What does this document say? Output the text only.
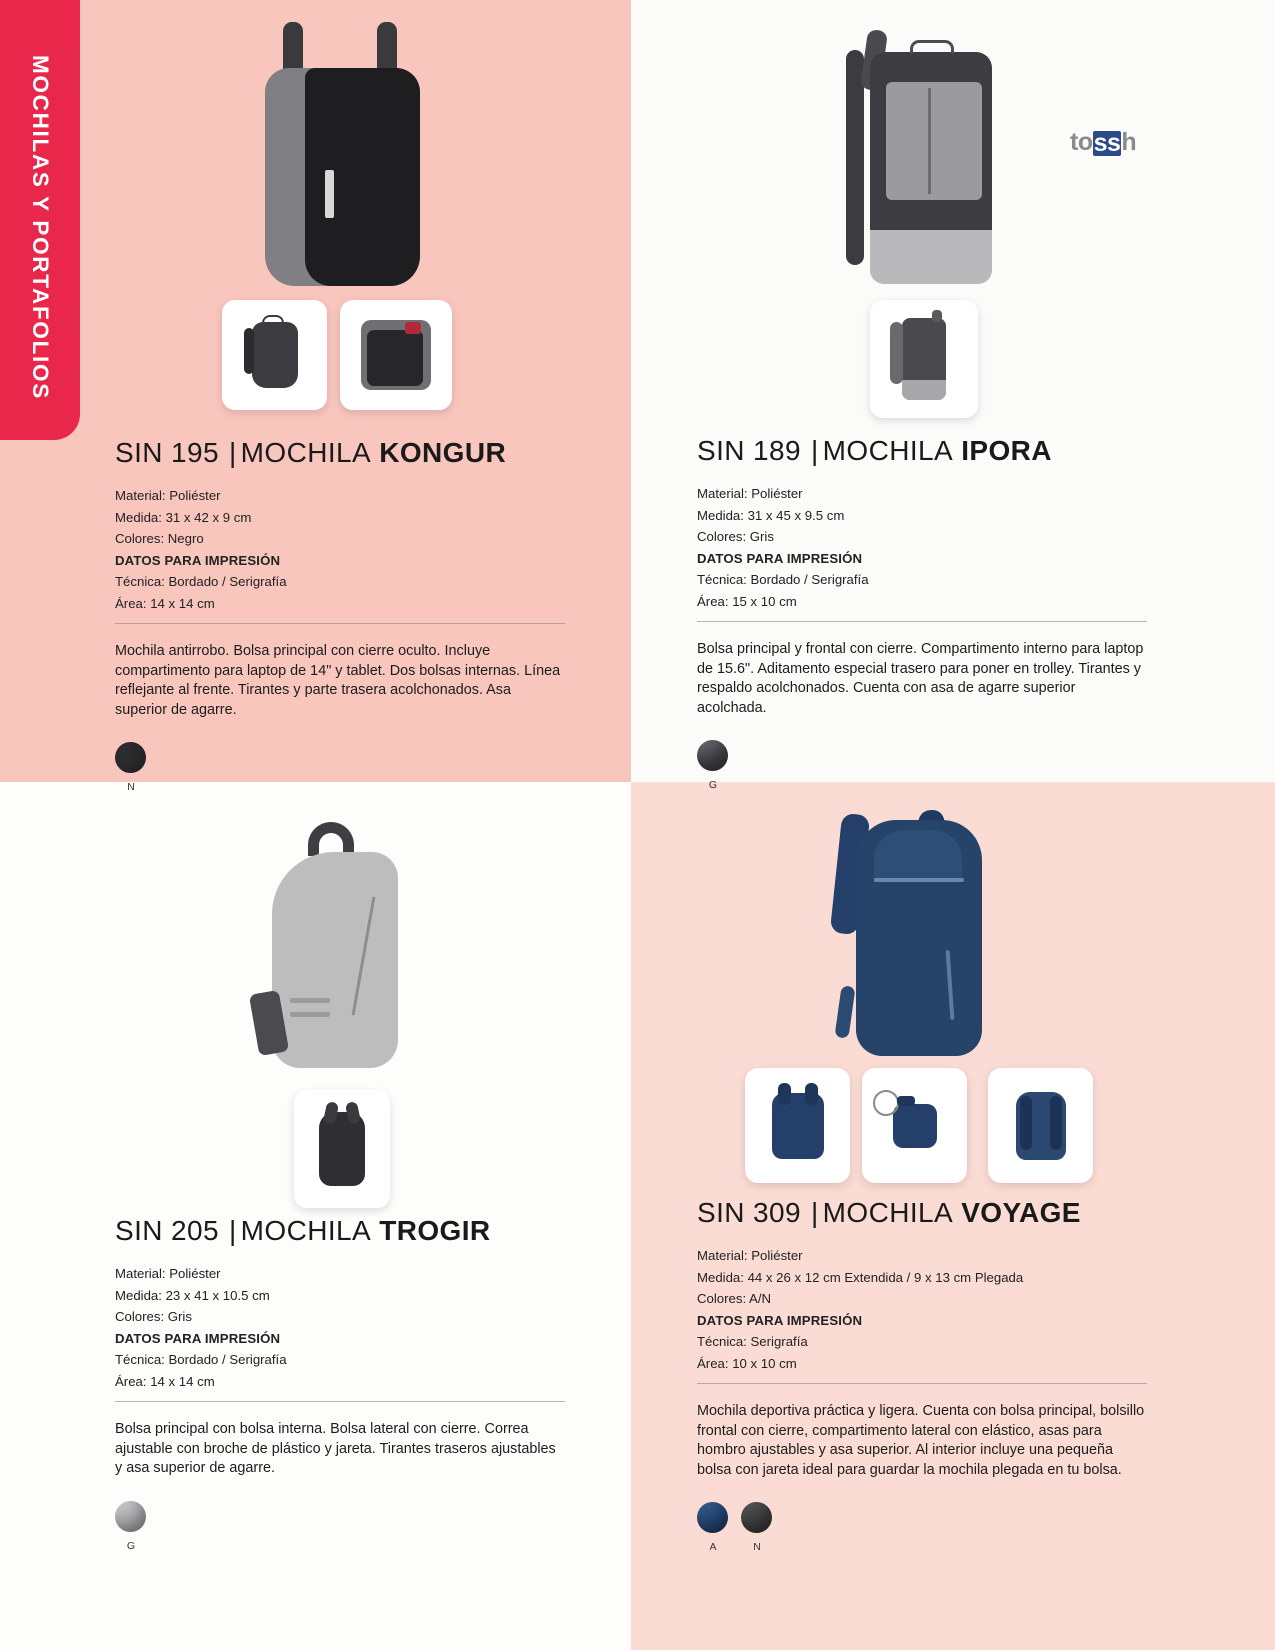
MOCHILAS Y PORTAFOLIOS	to ss h
SIN 195 | MOCHILA KONGUR
Material: Poliéster
Medida: 31 x 42 x 9 cm
Colores: Negro
DATOS PARA IMPRESIÓN
Técnica: Bordado / Serigrafía
Área: 14 x 14 cm
Mochila antirrobo. Bolsa principal con cierre oculto. Incluye compartimento para laptop de 14" y tablet. Dos bolsas internas. Línea reflejante al frente. Tirantes y parte trasera acolchonados. Asa superior de agarre.
N
SIN 189 | MOCHILA IPORA
Material: Poliéster
Medida: 31 x 45 x 9.5 cm
Colores: Gris
DATOS PARA IMPRESIÓN
Técnica: Bordado / Serigrafía
Área: 15 x 10 cm
Bolsa principal y frontal con cierre. Compartimento interno para laptop de 15.6". Aditamento especial trasero para poner en trolley. Tirantes y respaldo acolchonados. Cuenta con asa de agarre superior acolchada.
G
SIN 205 | MOCHILA TROGIR
Material: Poliéster
Medida: 23 x 41 x 10.5 cm
Colores: Gris
DATOS PARA IMPRESIÓN
Técnica: Bordado / Serigrafía
Área: 14 x 14 cm
Bolsa principal con bolsa interna. Bolsa lateral con cierre. Correa ajustable con broche de plástico y jareta. Tirantes traseros ajustables y asa superior de agarre.
G
SIN 309 | MOCHILA VOYAGE
Material: Poliéster
Medida: 44 x 26 x 12 cm Extendida / 9 x 13 cm Plegada
Colores: A/N
DATOS PARA IMPRESIÓN
Técnica: Serigrafía
Área: 10 x 10 cm
Mochila deportiva práctica y ligera. Cuenta con bolsa principal, bolsillo frontal con cierre, compartimento lateral con elástico, asas para hombro ajustables y asa superior. Al interior incluye una pequeña bolsa con jareta ideal para guardar la mochila plegada en tu bolsa.
A	N
